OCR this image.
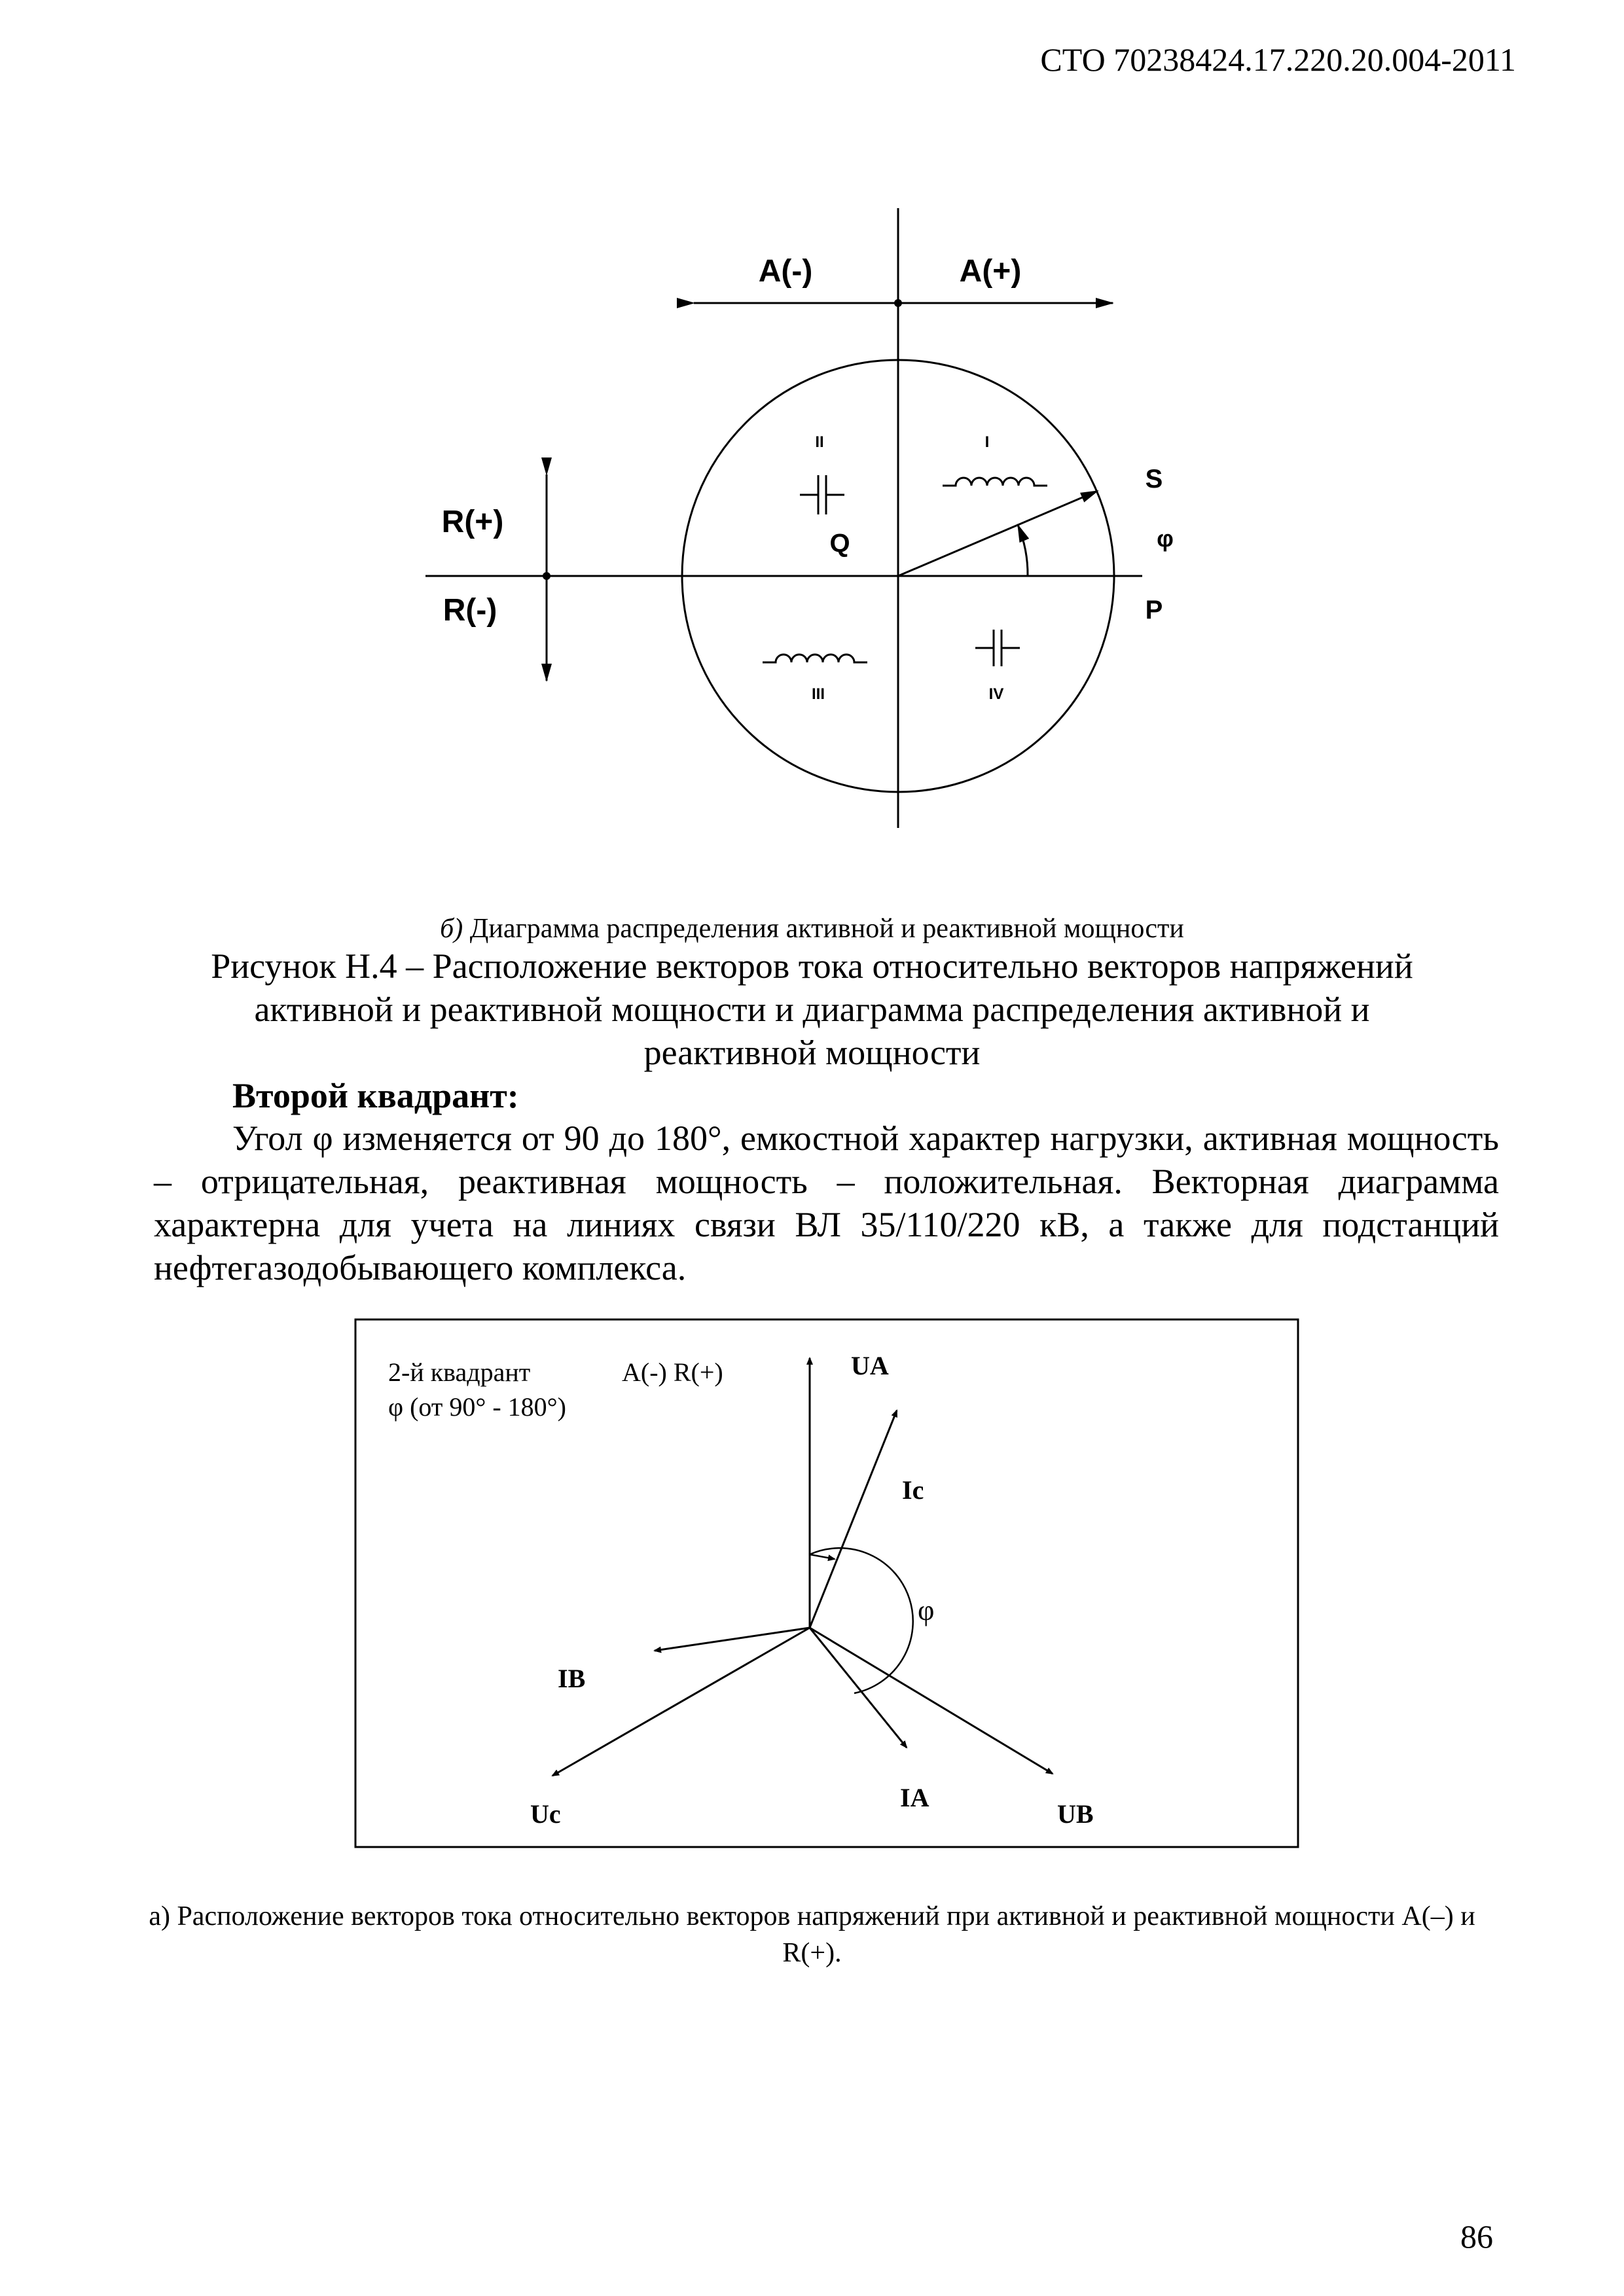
СТО 70238424.17.220.20.004-2011
A(-)	A(+)
R(+)
R(-)
S
φ
P
Q
I
II
III	IV
2-й квадрант
φ (от 90° - 180°)
A(-) R(+)	UA
Ic
φ
IB
Uc
IA
UB
б) Диаграмма распределения активной и реактивной мощности
Рисунок Н.4 – Расположение векторов тока относительно векторов напряжений активной и реактивной мощности и диаграмма распределения активной и реактивной мощности
Второй квадрант:
Угол φ изменяется от 90 до 180°, емкостной характер нагрузки, активная мощность – отрицательная, реактивная мощность – положительная. Векторная диаграмма характерна для учета на линиях связи ВЛ 35/110/220 кВ, а также для подстанций нефтегазодобывающего комплекса.
а) Расположение векторов тока относительно векторов напряжений при активной и реактивной мощности А(–) и R(+).
86
